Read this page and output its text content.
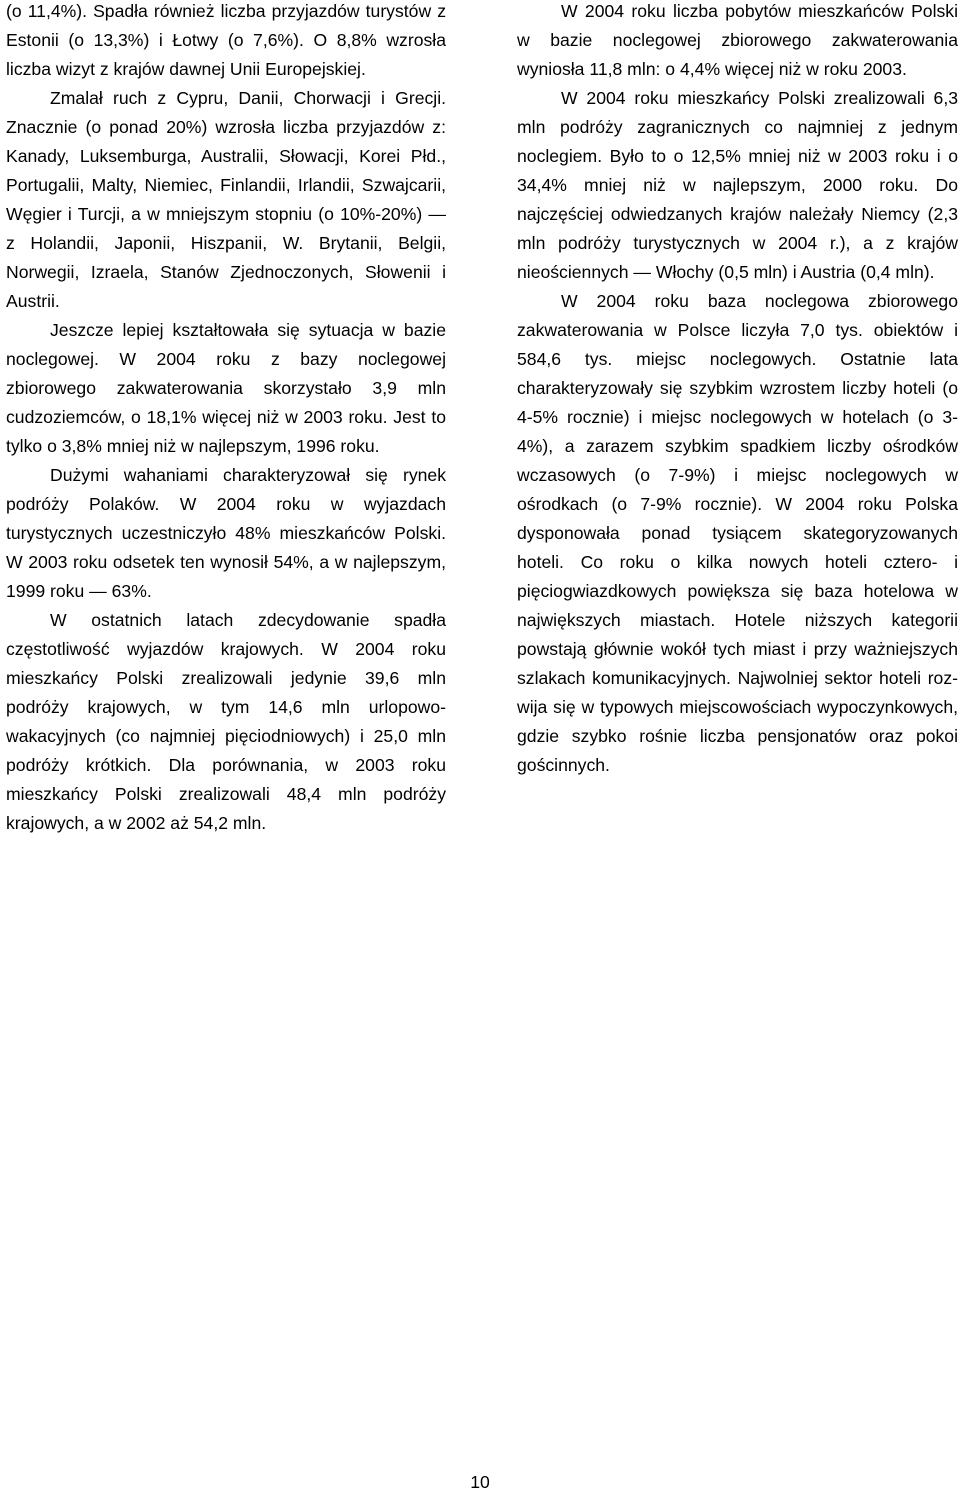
(o 11,4%). Spadła również liczba przyjazdów turystów z Estonii (o 13,3%) i Łotwy (o 7,6%). O 8,8% wzrosła liczba wizyt z krajów dawnej Unii Europejskiej.

Zmalał ruch z Cypru, Danii, Chorwacji i Grecji. Znacznie (o ponad 20%) wzrosła liczba przyjazdów z: Kanady, Luksemburga, Australii, Słowacji, Korei Płd., Portugalii, Malty, Niemiec, Finlandii, Irlandii, Szwajcarii, Węgier i Turcji, a w mniejszym stopniu (o 10%-20%) — z Holandii, Japonii, Hiszpanii, W. Brytanii, Belgii, Norwegii, Izraela, Stanów Zjednoczonych, Słowenii i Austrii.

Jeszcze lepiej kształtowała się sytuacja w bazie noclegowej. W 2004 roku z bazy noclegowej zbiorowego zakwaterowania skorzystało 3,9 mln cudzoziemców, o 18,1% więcej niż w 2003 roku. Jest to tylko o 3,8% mniej niż w najlepszym, 1996 roku.

Dużymi wahaniami charakteryzował się rynek podróży Polaków. W 2004 roku w wyjazdach turystycznych uczestniczyło 48% mieszkańców Polski. W 2003 roku odsetek ten wynosił 54%, a w najlepszym, 1999 roku — 63%.

W ostatnich latach zdecydowanie spadła częstotliwość wyjazdów krajowych. W 2004 roku mieszkańcy Polski zrealizowali jedynie 39,6 mln podróży krajowych, w tym 14,6 mln urlopowo-wakacyjnych (co najmniej pięciodniowych) i 25,0 mln podróży krótkich. Dla porównania, w 2003 roku mieszkańcy Polski zrealizowali 48,4 mln podróży krajowych, a w 2002 aż 54,2 mln.

W 2004 roku liczba pobytów mieszkańców Polski w bazie noclegowej zbiorowego zakwaterowania wyniosła 11,8 mln: o 4,4% więcej niż w roku 2003.

W 2004 roku mieszkańcy Polski zrealizowali 6,3 mln podróży zagranicznych co najmniej z jednym noclegiem. Było to o 12,5% mniej niż w 2003 roku i o 34,4% mniej niż w najlepszym, 2000 roku. Do najczęściej odwiedzanych krajów należały Niemcy (2,3 mln podróży turystycznych w 2004 r.), a z krajów nieościennych — Włochy (0,5 mln) i Austria (0,4 mln).

W 2004 roku baza noclegowa zbiorowego zakwaterowania w Polsce liczyła 7,0 tys. obiektów i 584,6 tys. miejsc noclegowych. Ostatnie lata charakteryzowały się szybkim wzrostem liczby hoteli (o 4-5% rocznie) i miejsc noclegowych w hotelach (o 3-4%), a zarazem szybkim spadkiem liczby ośrodków wczasowych (o 7-9%) i miejsc noclegowych w ośrodkach (o 7-9% rocznie). W 2004 roku Polska dysponowała ponad tysiącem skategoryzowanych hoteli. Co roku o kilka nowych hoteli cztero- i pięciogwiazdkowych powiększa się baza hotelowa w największych miastach. Hotele niższych kategorii powstają głównie wokół tych miast i przy ważniejszych szlakach komunikacyjnych. Najwolniej sektor hoteli rozwija się w typowych miejscowościach wypoczynkowych, gdzie szybko rośnie liczba pensjonatów oraz pokoi gościnnych.

10
